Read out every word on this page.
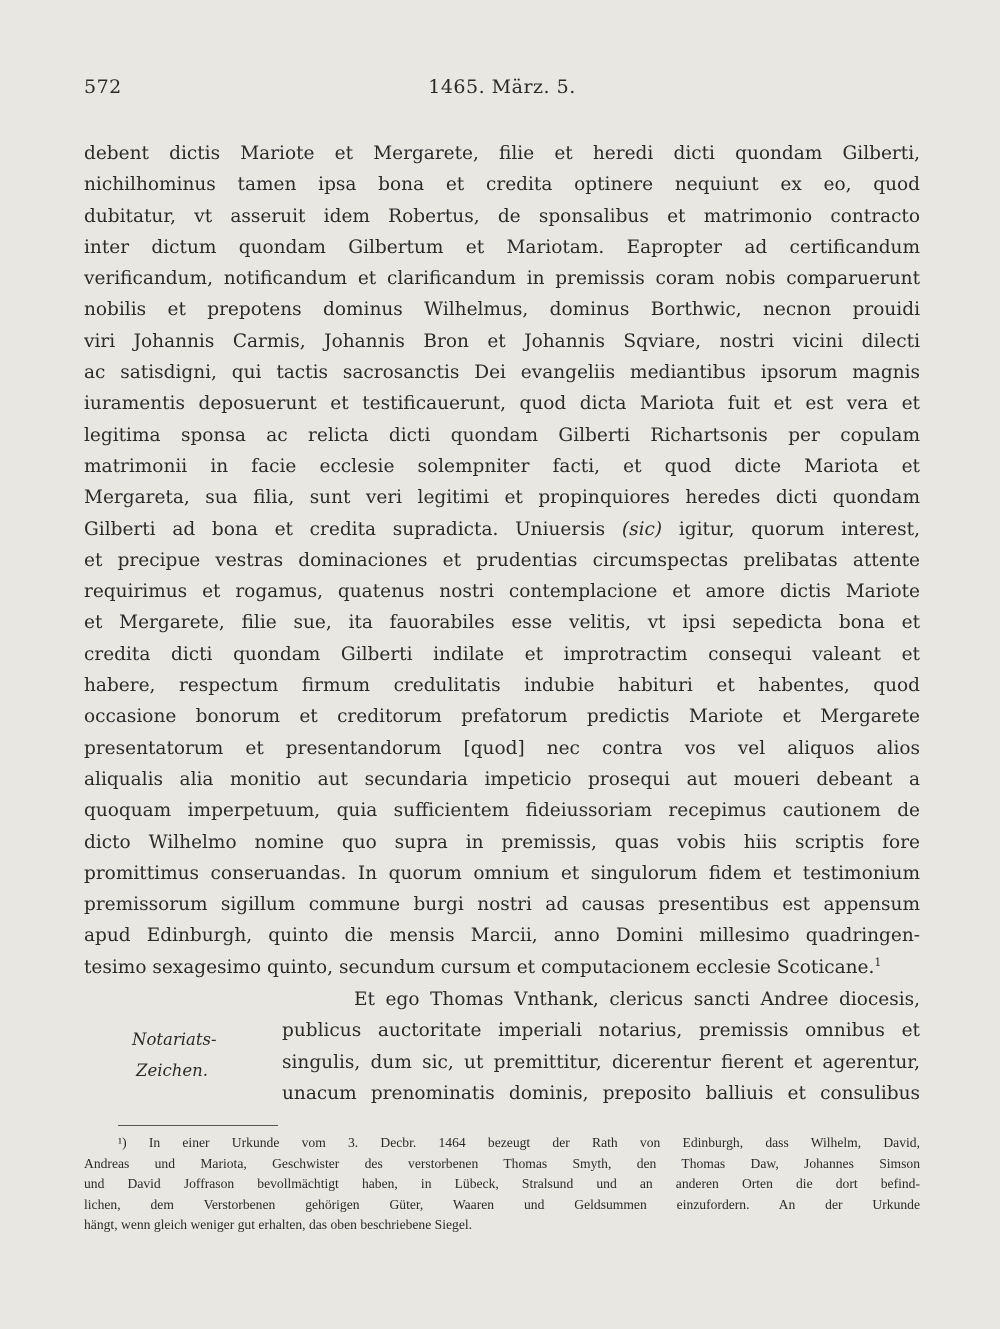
572	1465. März. 5.
debent dictis Mariote et Mergarete, filie et heredi dicti quondam Gilberti,
nichilhominus tamen ipsa bona et credita optinere nequiunt ex eo, quod
dubitatur, vt asseruit idem Robertus, de sponsalibus et matrimonio contracto
inter dictum quondam Gilbertum et Mariotam. Eapropter ad certificandum
verificandum, notificandum et clarificandum in premissis coram nobis comparuerunt
nobilis et prepotens dominus Wilhelmus, dominus Borthwic, necnon prouidi
viri Johannis Carmis, Johannis Bron et Johannis Sqviare, nostri vicini dilecti
ac satisdigni, qui tactis sacrosanctis Dei evangeliis mediantibus ipsorum magnis
iuramentis deposuerunt et testificauerunt, quod dicta Mariota fuit et est vera et
legitima sponsa ac relicta dicti quondam Gilberti Richartsonis per copulam
matrimonii in facie ecclesie solempniter facti, et quod dicte Mariota et
Mergareta, sua filia, sunt veri legitimi et propinquiores heredes dicti quondam
Gilberti ad bona et credita supradicta. Uniuersis (sic) igitur, quorum interest,
et precipue vestras dominaciones et prudentias circumspectas prelibatas attente
requirimus et rogamus, quatenus nostri contemplacione et amore dictis Mariote
et Mergarete, filie sue, ita fauorabiles esse velitis, vt ipsi sepedicta bona et
credita dicti quondam Gilberti indilate et improtractim consequi valeant et
habere, respectum firmum credulitatis indubie habituri et habentes, quod
occasione bonorum et creditorum prefatorum predictis Mariote et Mergarete
presentatorum et presentandorum [quod] nec contra vos vel aliquos alios
aliqualis alia monitio aut secundaria impeticio prosequi aut moueri debeant a
quoquam imperpetuum, quia sufficientem fideiussoriam recepimus cautionem de
dicto Wilhelmo nomine quo supra in premissis, quas vobis hiis scriptis fore
promittimus conseruandas. In quorum omnium et singulorum fidem et testimonium
premissorum sigillum commune burgi nostri ad causas presentibus est appensum
apud Edinburgh, quinto die mensis Marcii, anno Domini millesimo quadringen-
tesimo sexagesimo quinto, secundum cursum et computacionem ecclesie Scoticane.$^1$
Et ego Thomas Vnthank, clericus sancti Andree diocesis,
publicus auctoritate imperiali notarius, premissis omnibus et
singulis, dum sic, ut premittitur, dicerentur fierent et agerentur,
unacum prenominatis dominis, preposito balliuis et consulibus
Notariats-
Zeichen.
¹) In einer Urkunde vom 3. Decbr. 1464 bezeugt der Rath von Edinburgh, dass Wilhelm, David,
Andreas und Mariota, Geschwister des verstorbenen Thomas Smyth, den Thomas Daw, Johannes Simson
und David Joffrason bevollmächtigt haben, in Lübeck, Stralsund und an anderen Orten die dort befind-
lichen, dem Verstorbenen gehörigen Güter, Waaren und Geldsummen einzufordern. An der Urkunde
hängt, wenn gleich weniger gut erhalten, das oben beschriebene Siegel.
